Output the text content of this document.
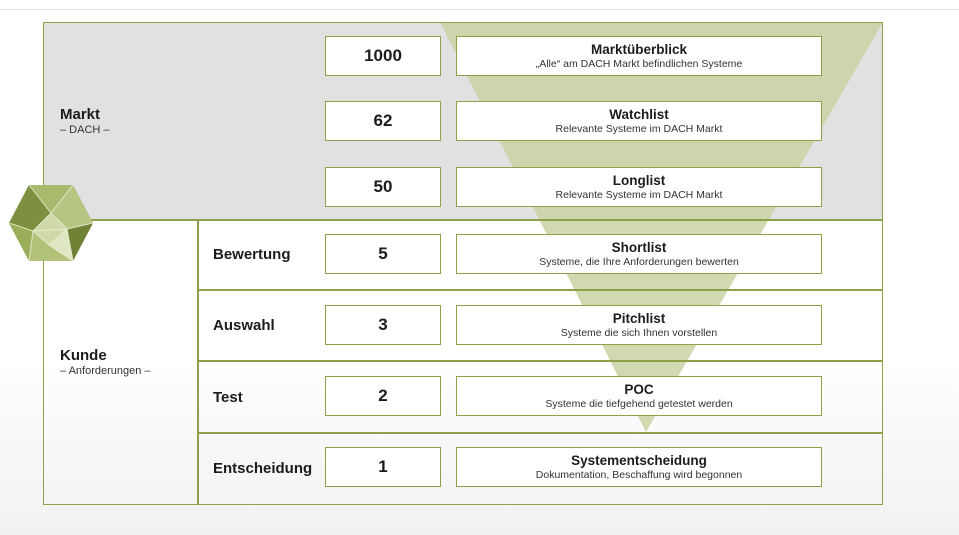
Markt
– DACH –
Kunde
– Anforderungen –
Bewertung
Auswahl
Test
Entscheidung
1000
62
50
5
3
2
1
Marktüberblick
„Alle“ am DACH Markt befindlichen Systeme
Watchlist
Relevante Systeme im DACH Markt
Longlist
Relevante Systeme im DACH Markt
Shortlist
Systeme, die Ihre Anforderungen bewerten
Pitchlist
Systeme die sich Ihnen vorstellen
POC
Systeme die tiefgehend getestet werden
Systementscheidung
Dokumentation, Beschaffung wird begonnen
